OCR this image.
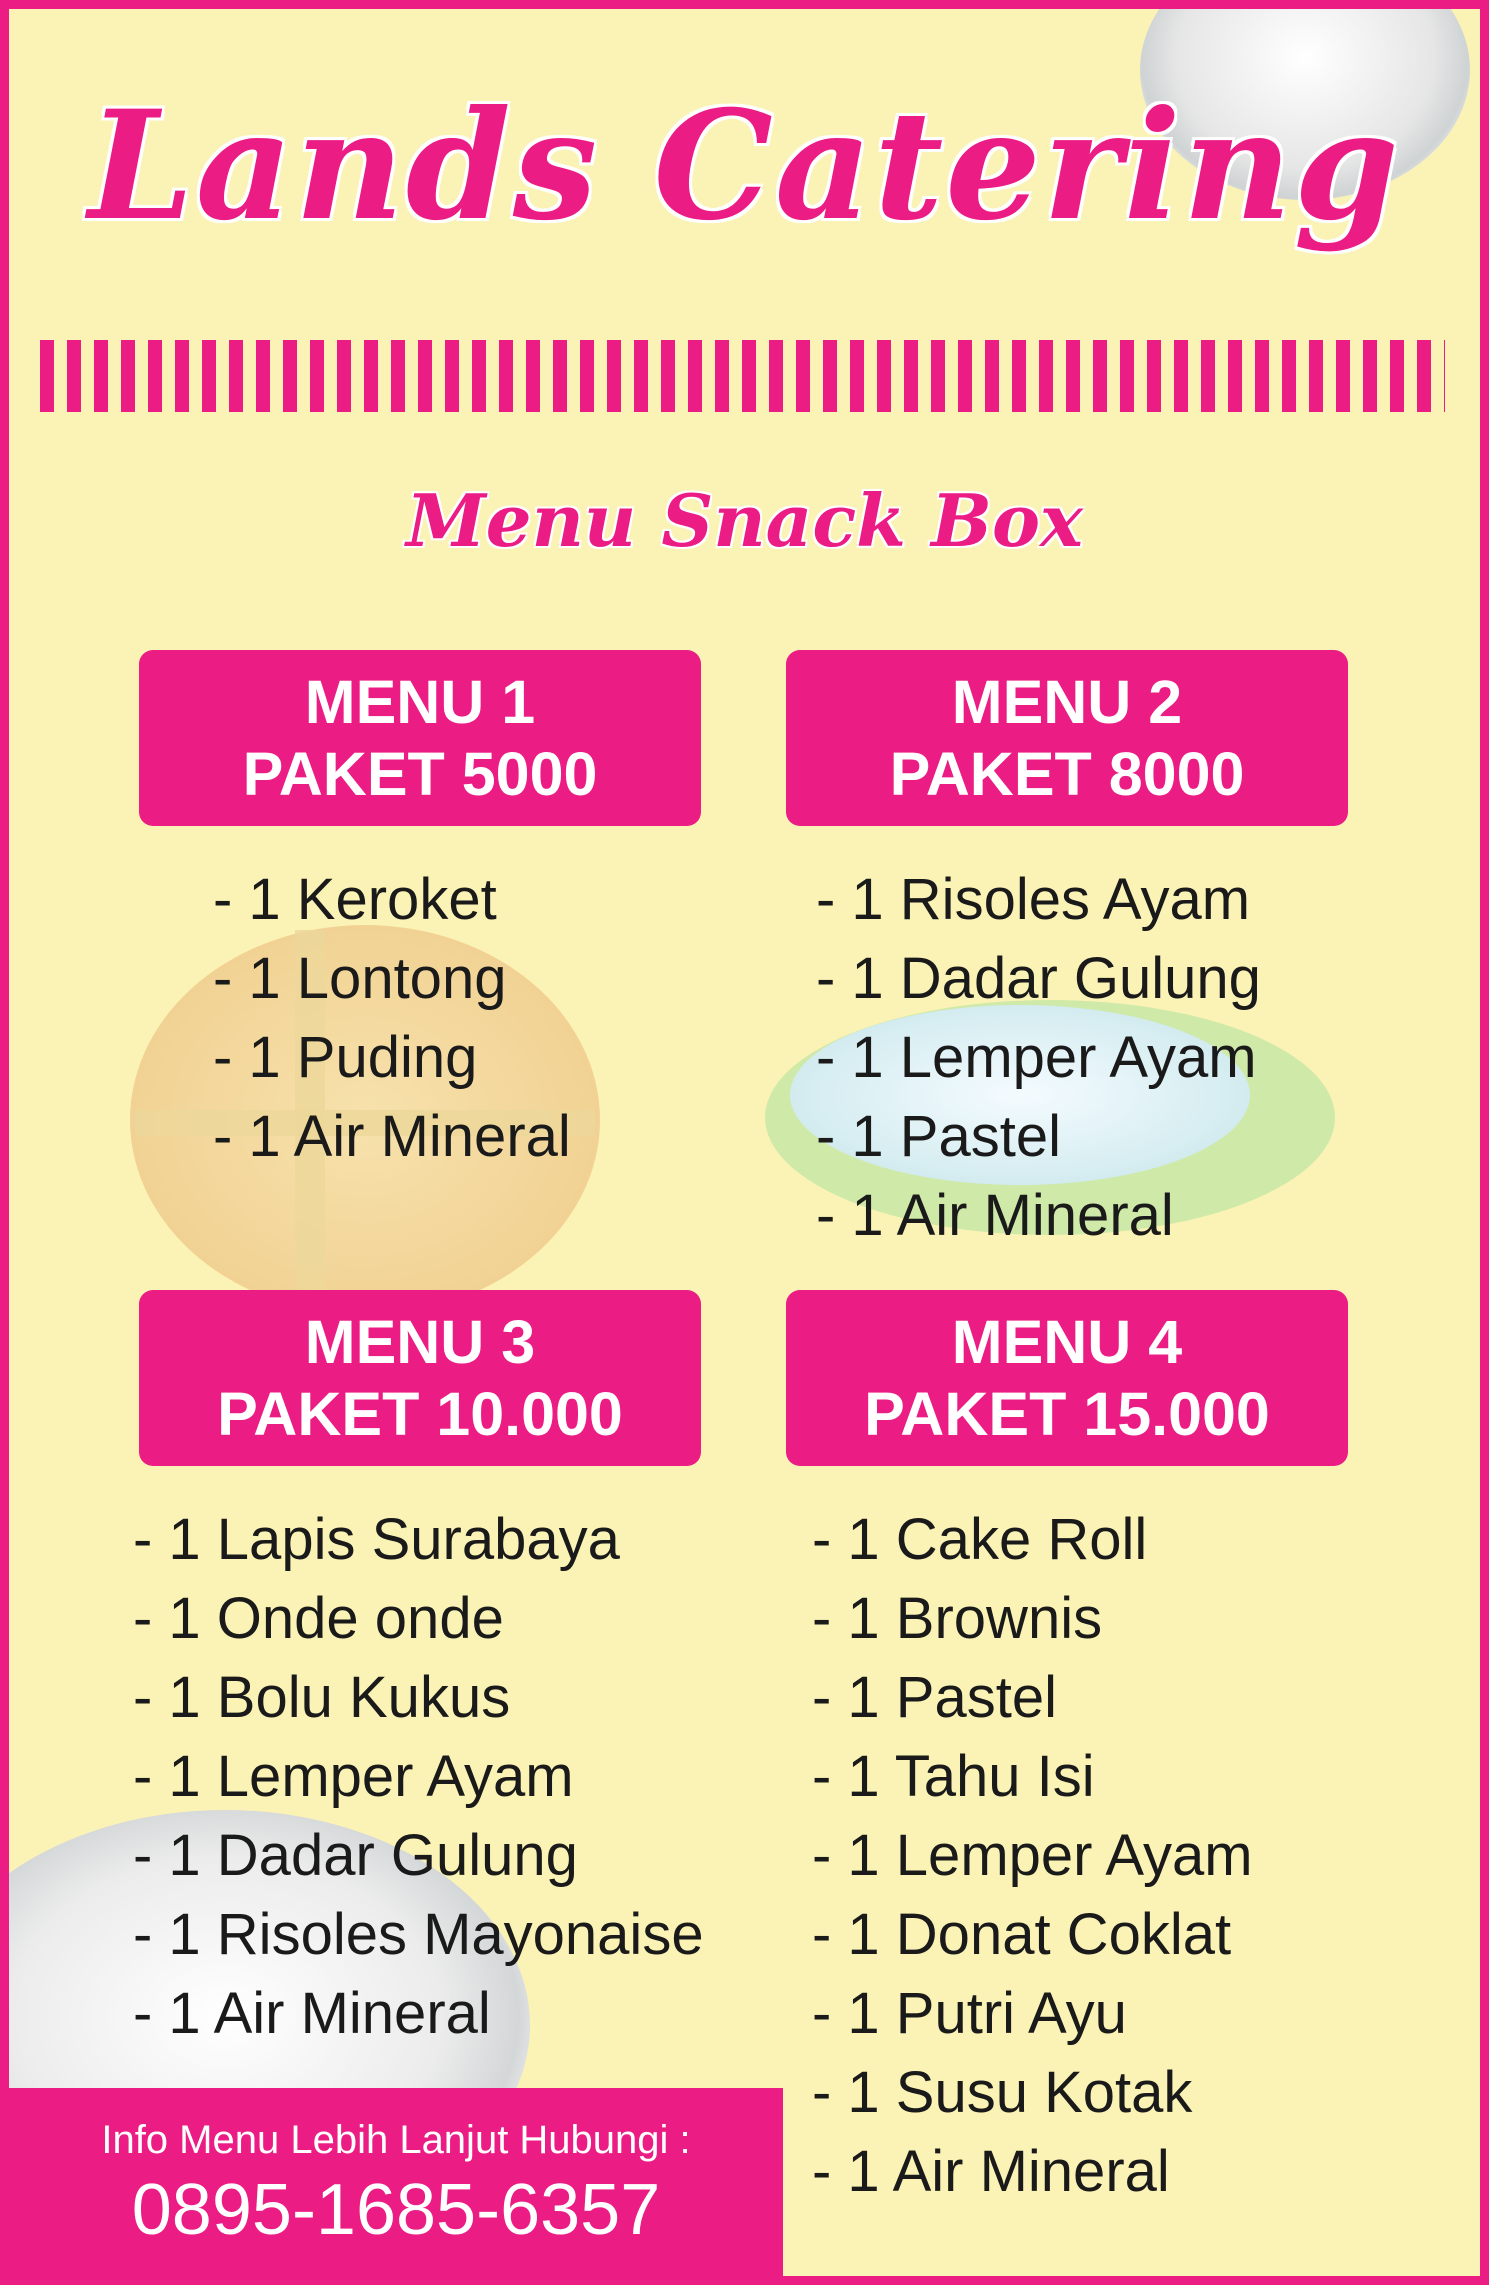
Lands Catering
Menu Snack Box
MENU 1
PAKET 5000
- 1 Keroket
- 1 Lontong
- 1 Puding
- 1 Air Mineral
MENU 2
PAKET 8000
- 1 Risoles Ayam
- 1 Dadar Gulung
- 1 Lemper Ayam
- 1 Pastel
- 1 Air Mineral
MENU 3
PAKET 10.000
- 1 Lapis Surabaya
- 1 Onde onde
- 1 Bolu Kukus
- 1 Lemper Ayam
- 1 Dadar Gulung
- 1 Risoles Mayonaise
- 1 Air Mineral
MENU 4
PAKET 15.000
- 1 Cake Roll
- 1 Brownis
- 1 Pastel
- 1 Tahu Isi
- 1 Lemper Ayam
- 1 Donat Coklat
- 1 Putri Ayu
- 1 Susu Kotak
- 1 Air Mineral
Info Menu Lebih Lanjut Hubungi :
0895-1685-6357
